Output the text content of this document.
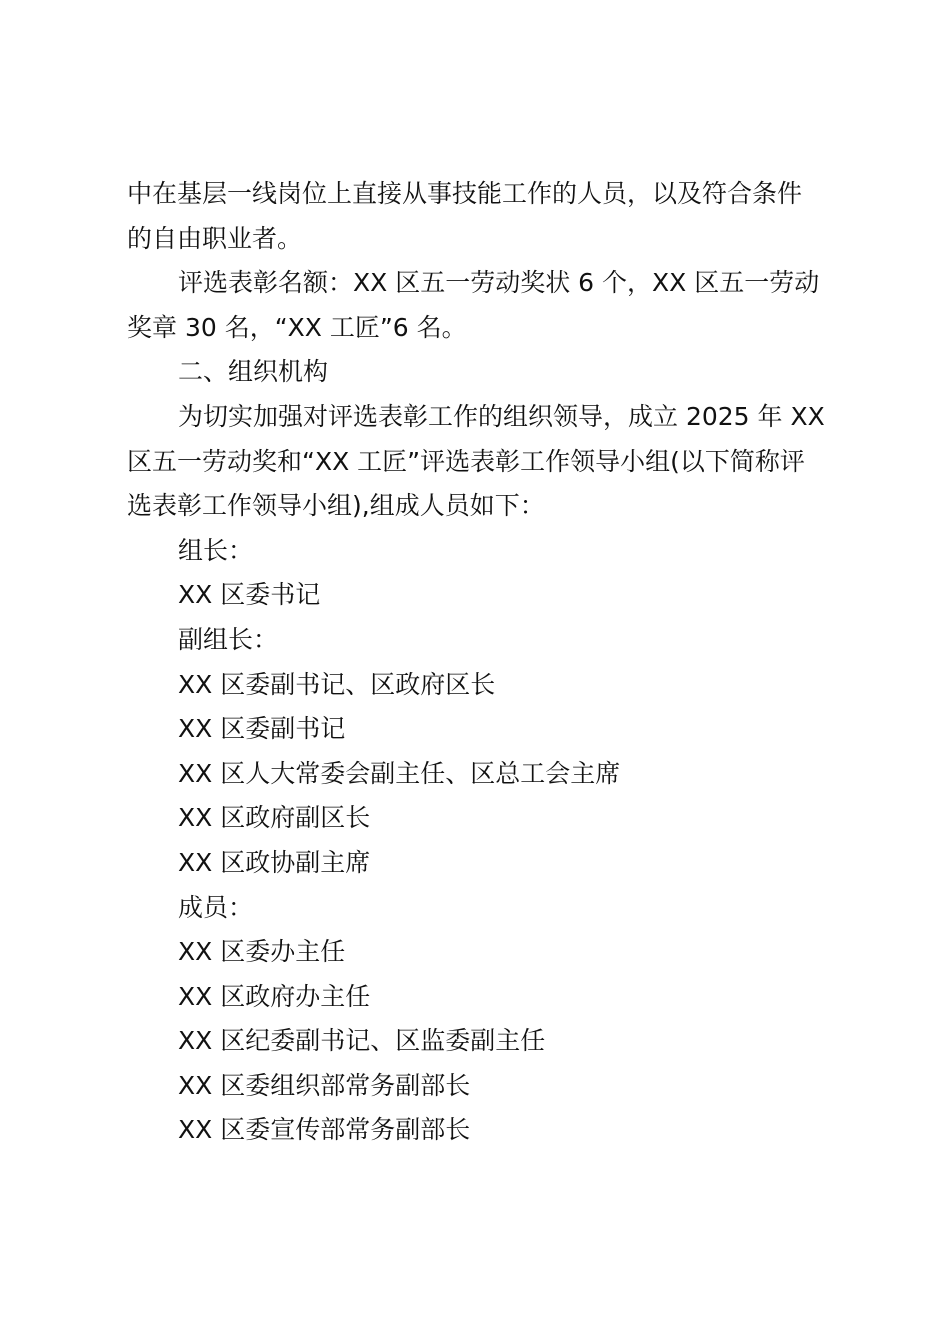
中在基层一线岗位上直接从事技能工作的人员，以及符合条件

的自由职业者。

评选表彰名额：XX 区五一劳动奖状 6 个，XX 区五一劳动

奖章 30 名，“XX 工匠”6 名。

二、组织机构

为切实加强对评选表彰工作的组织领导，成立 2025 年 XX

区五一劳动奖和“XX 工匠”评选表彰工作领导小组(以下简称评

选表彰工作领导小组),组成人员如下：

组长：

XX 区委书记

副组长：

XX 区委副书记、区政府区长

XX 区委副书记

XX 区人大常委会副主任、区总工会主席

XX 区政府副区长

XX 区政协副主席

成员：

XX 区委办主任

XX 区政府办主任

XX 区纪委副书记、区监委副主任

XX 区委组织部常务副部长

XX 区委宣传部常务副部长
